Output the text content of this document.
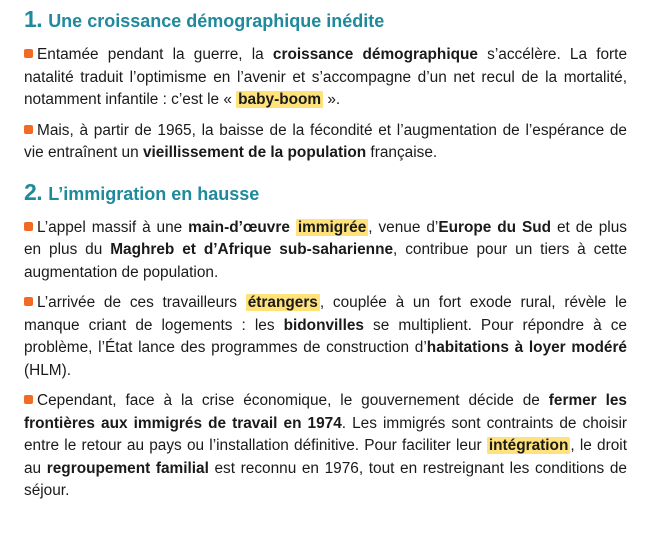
1. Une croissance démographique inédite

Entamée pendant la guerre, la croissance démographique s’accélère. La forte natalité traduit l’optimisme en l’avenir et s’accompagne d’un net recul de la mortalité, notamment infantile : c’est le « baby-boom ».

Mais, à partir de 1965, la baisse de la fécondité et l’augmentation de l’espérance de vie entraînent un vieillissement de la population française.

2. L’immigration en hausse

L’appel massif à une main-d’œuvre immigrée , venue d’Europe du Sud et de plus en plus du Maghreb et d’Afrique sub-saharienne, contribue pour un tiers à cette augmentation de population.

L’arrivée de ces travailleurs étrangers , couplée à un fort exode rural, révèle le manque criant de logements : les bidonvilles se multiplient. Pour répondre à ce problème, l’État lance des programmes de construction d’habitations à loyer modéré (HLM).

Cependant, face à la crise économique, le gouvernement décide de fermer les frontières aux immigrés de travail en 1974. Les immigrés sont contraints de choisir entre le retour au pays ou l’installation définitive. Pour faciliter leur intégration , le droit au regroupement familial est reconnu en 1976, tout en restreignant les conditions de séjour.
